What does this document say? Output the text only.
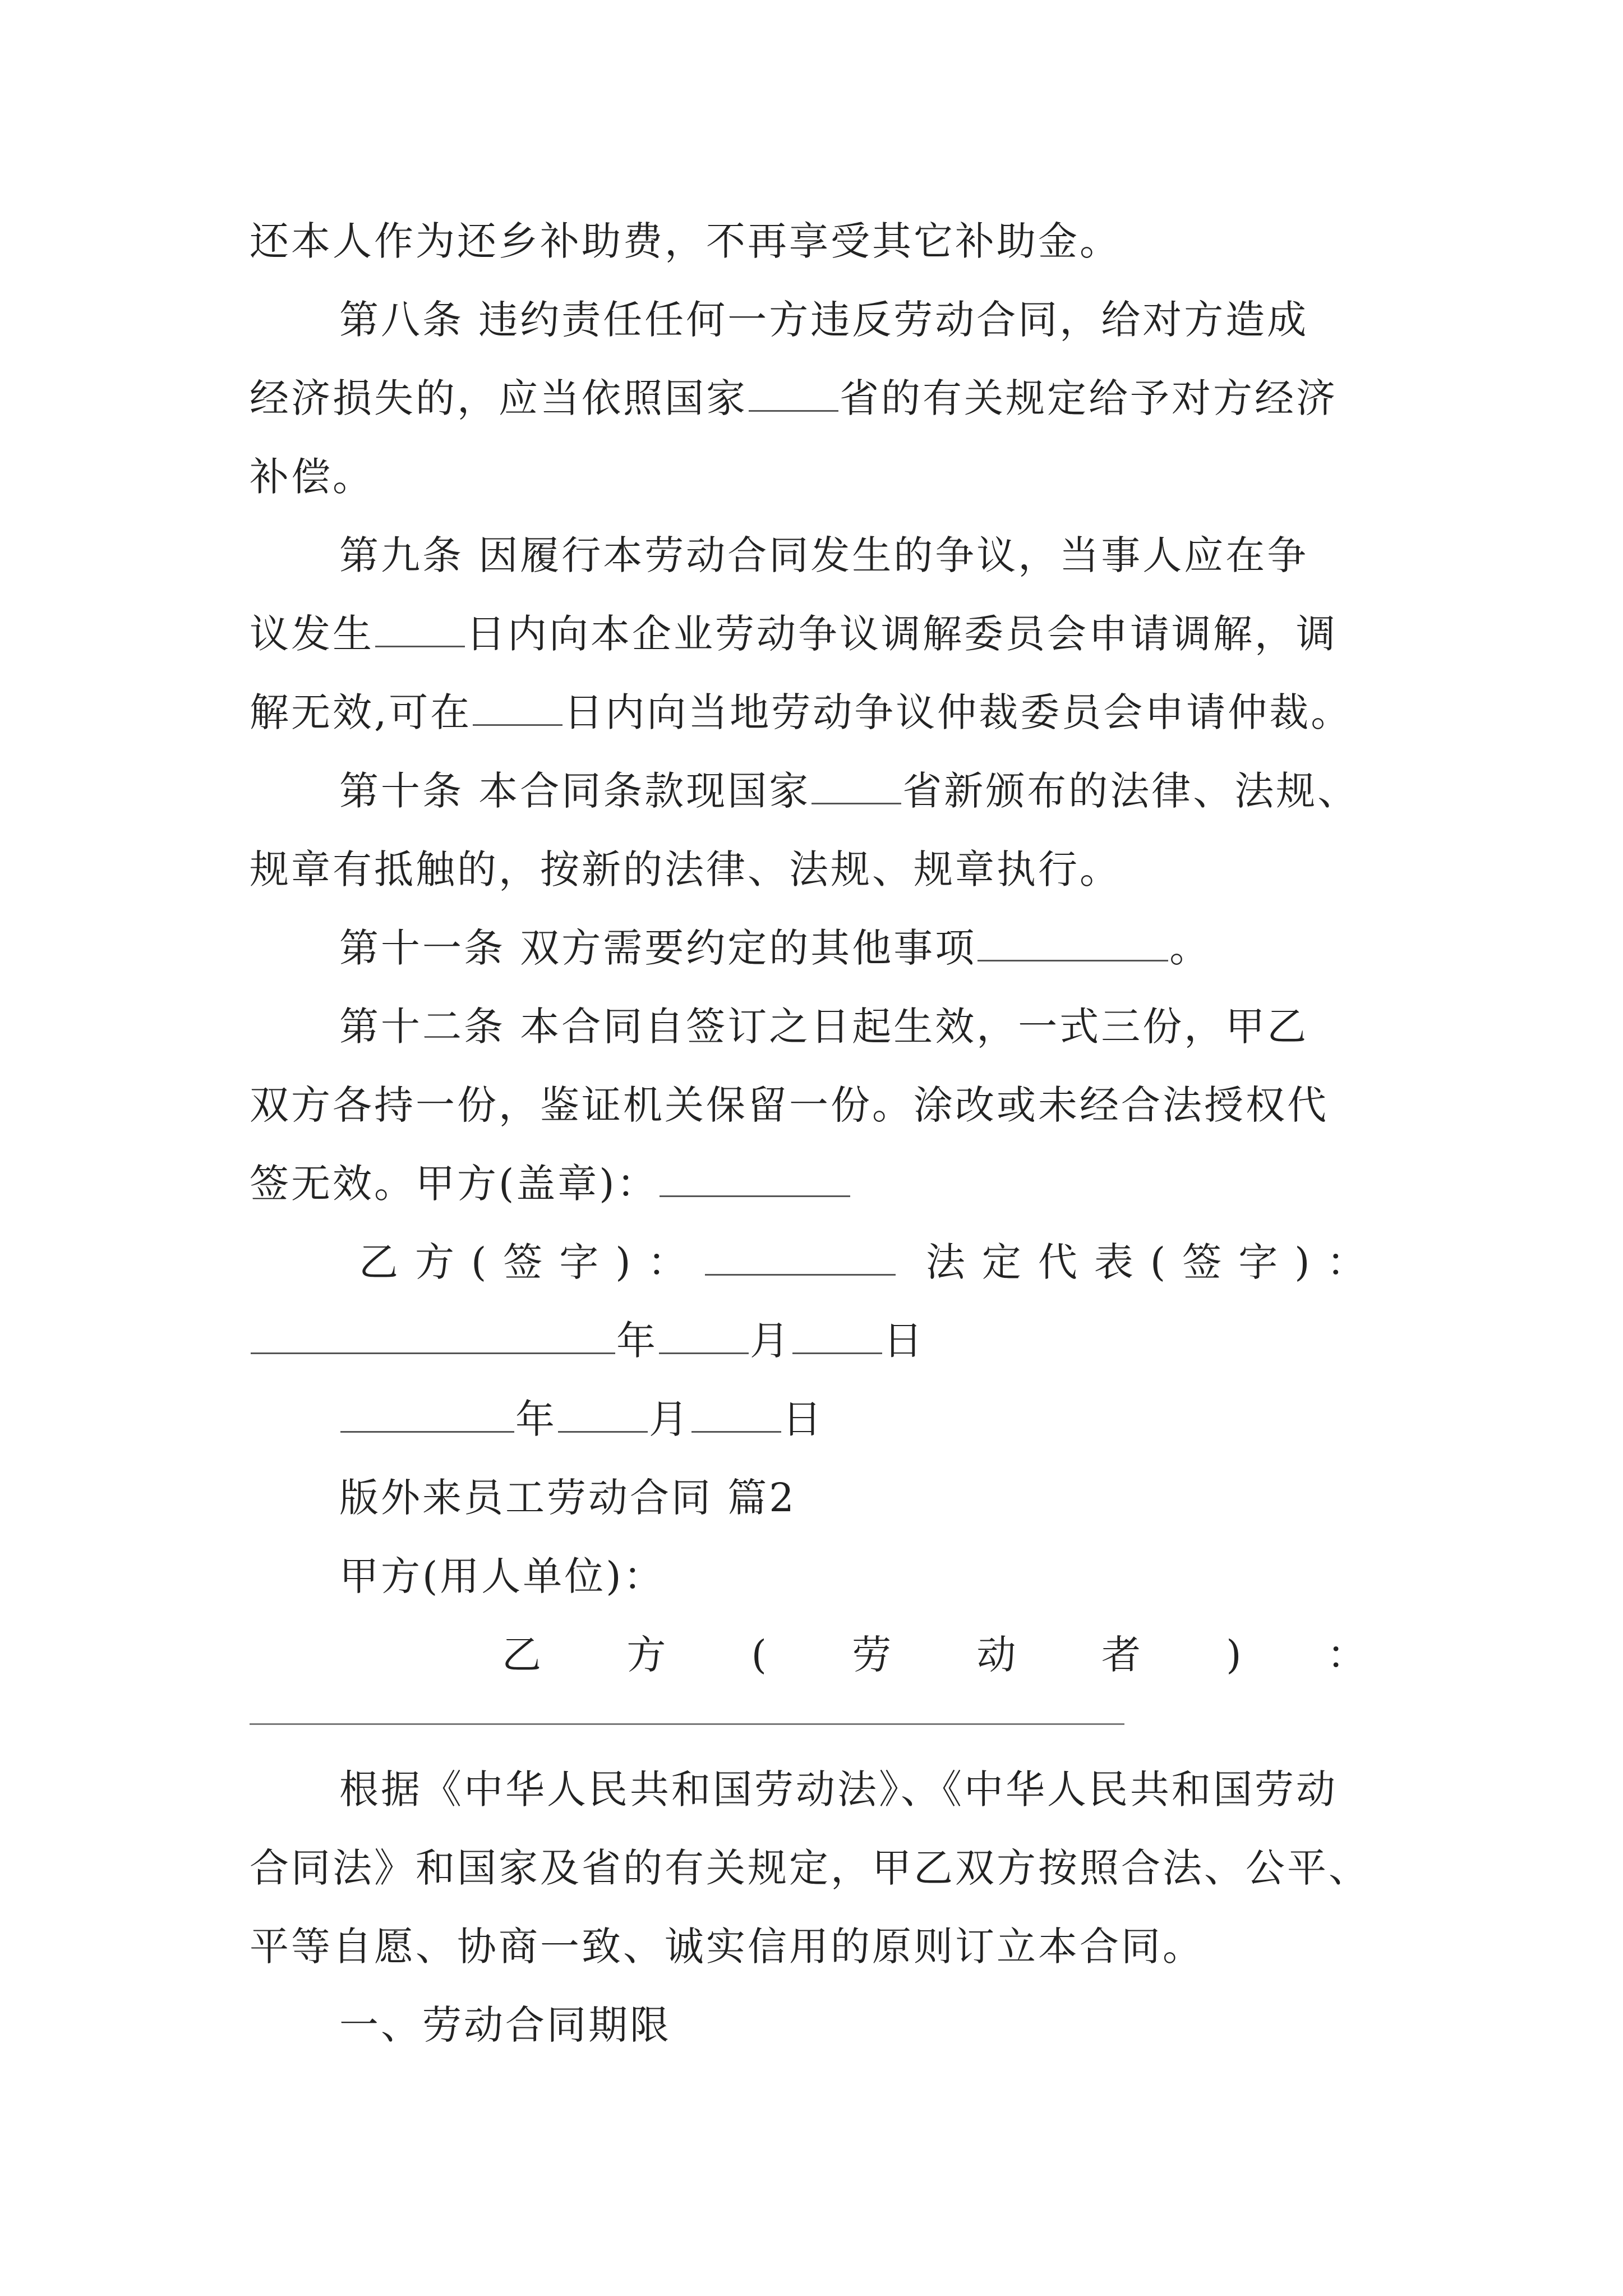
还本人作为还乡补助费，不再享受其它补助金。
第八条 违约责任任何一方违反劳动合同，给对方造成
经济损失的，应当依照国家 省的有关规定给予对方经济
补偿。
第九条 因履行本劳动合同发生的争议，当事人应在争
议发生 日内向本企业劳动争议调解委员会申请调解，调
解无效,可在 日内向当地劳动争议仲裁委员会申请仲裁。
第十条 本合同条款现国家 省新颁布的法律、法规、
规章有抵触的，按新的法律、法规、规章执行。
第十一条 双方需要约定的其他事项	。
第十二条 本合同自签订之日起生效，一式三份，甲乙
双方各持一份，鉴证机关保留一份。涂改或未经合法授权代
签无效。甲方(盖章)：
乙方(签字)：	法定代表(签字)：
年 月 日
年 月 日
版外来员工劳动合同 篇2
甲方(用人单位)：
乙 方 ( 劳 动 者 ) ：
根据《中华人民共和国劳动法》、《中华人民共和国劳动
合同法》和国家及省的有关规定，甲乙双方按照合法、公平、
平等自愿、协商一致、诚实信用的原则订立本合同。
一、劳动合同期限
